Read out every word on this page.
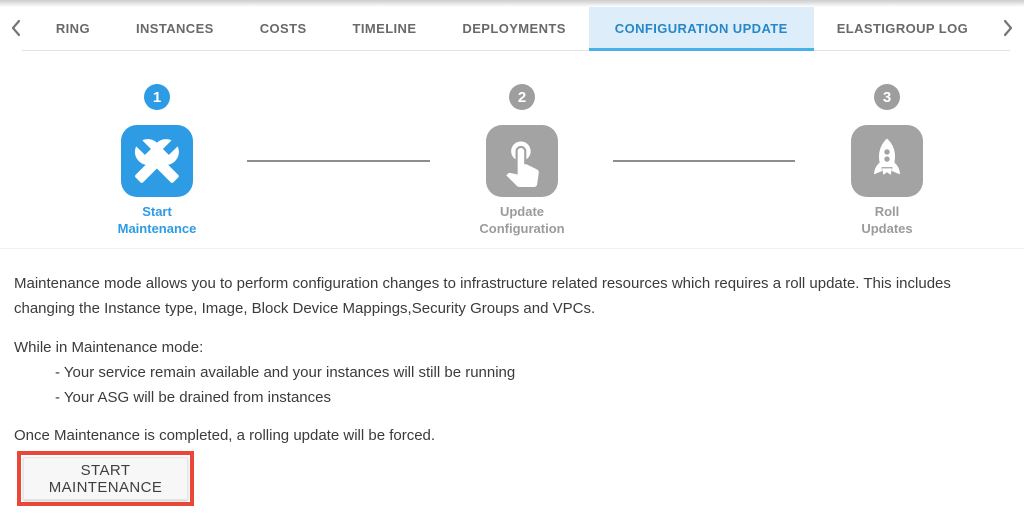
RING	INSTANCES	COSTS	TIMELINE	DEPLOYMENTS	CONFIGURATION UPDATE	ELASTIGROUP LOG
1
Start
Maintenance
2
Update
Configuration
3
Roll
Updates

Maintenance mode allows you to perform configuration changes to infrastructure related resources which requires a roll update. This includes changing the Instance type, Image, Block Device Mappings,Security Groups and VPCs.

While in Maintenance mode:
- Your service remain available and your instances will still be running
- Your ASG will be drained from instances

Once Maintenance is completed, a rolling update will be forced.

START MAINTENANCE
